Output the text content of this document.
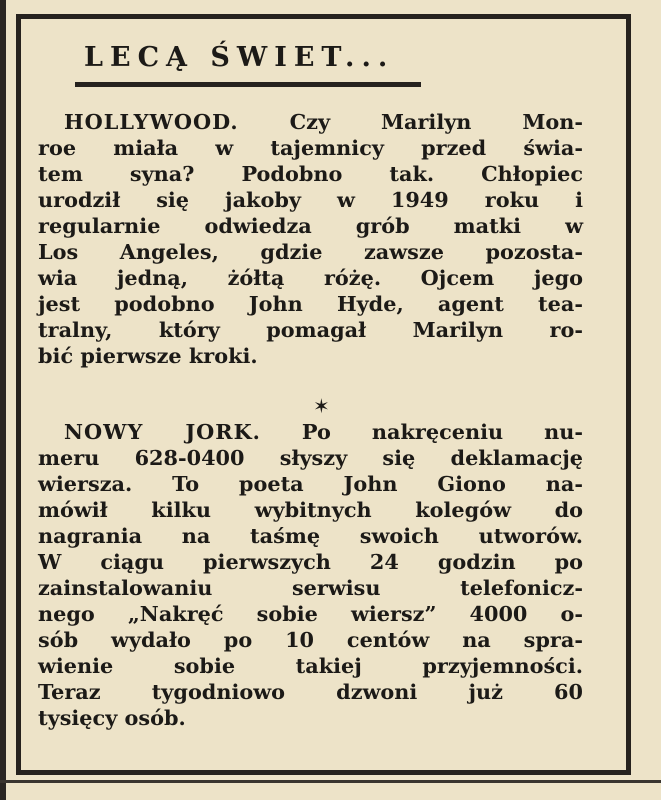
LECĄ ŚWIET...
HOLLYWOOD. Czy Marilyn Mon-
roe miała w tajemnicy przed świa-
tem syna? Podobno tak. Chłopiec
urodził się jakoby w 1949 roku i
regularnie odwiedza grób matki w
Los Angeles, gdzie zawsze pozosta-
wia jedną, żółtą różę. Ojcem jego
jest podobno John Hyde, agent tea-
tralny, który pomagał Marilyn ro-
bić pierwsze kroki.
✶
NOWY JORK. Po nakręceniu nu-
meru 628-0400 słyszy się deklamację
wiersza. To poeta John Giono na-
mówił kilku wybitnych kolegów do
nagrania na taśmę swoich utworów.
W ciągu pierwszych 24 godzin po
zainstalowaniu serwisu telefonicz-
nego „Nakręć sobie wiersz” 4000 o-
sób wydało po 10 centów na spra-
wienie sobie takiej przyjemności.
Teraz tygodniowo dzwoni już 60
tysięcy osób.
